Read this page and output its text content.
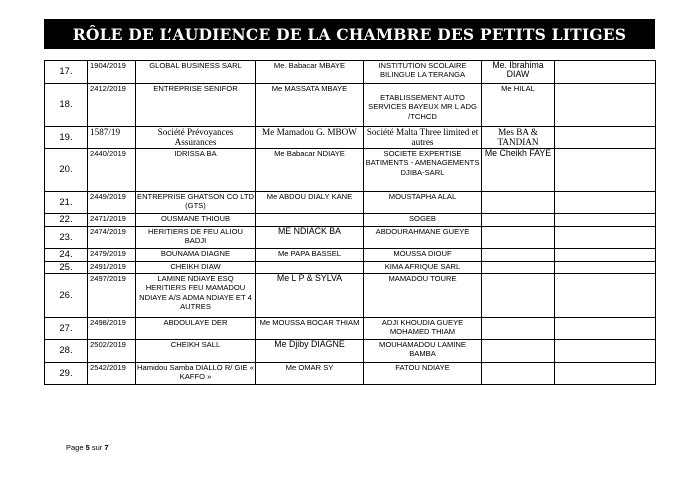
RÔLE DE L’AUDIENCE DE LA CHAMBRE DES PETITS LITIGES
17.	1904/2019	GLOBAL BUSINESS SARL	Me. Babacar MBAYE	INSTITUTION SCOLAIRE BILINGUE LA TERANGA	Me. Ibrahima DIAW	
18.	2412/2019	ENTREPRISE SENIFOR	Me MASSATA MBAYE	ETABLISSEMENT AUTO SERVICES BAYEUX MR L ADG /TCHCD	Me HILAL	
19.	1587/19	Société Prévoyances Assurances	Me Mamadou G. MBOW	Société Malta Three limited et autres	Mes BA & TANDIAN	
20.	2440/2019	IDRISSA BA	Me Babacar NDIAYE	SOCIETE EXPERTISE BATIMENTS - AMENAGEMENTS DJIBA-SARL	Me Cheikh FAYE	
21.	2449/2019	ENTREPRISE GHATSON CO LTD (GTS)	Me ABDOU DIALY KANE	MOUSTAPHA ALAL		
22.	2471/2019	OUSMANE THIOUB		SOGEB		
23.	2474/2019	HERITIERS DE FEU ALIOU BADJI	ME NDIACK BA	ABDOURAHMANE GUEYE		
24.	2479/2019	BOUNAMA DIAGNE	Me PAPA BASSEL	MOUSSA DIOUF		
25.	2491/2019	CHEIKH DIAW		KIMA AFRIQUE SARL		
26.	2497/2019	LAMINE NDIAYE ESQ HERITIERS FEU MAMADOU NDIAYE A/S ADMA NDIAYE ET 4 AUTRES	Me L P & SYLVA	MAMADOU TOURE		
27.	2498/2019	ABDOULAYE DER	Me MOUSSA BOCAR THIAM	ADJI KHOUDIA GUEYE MOHAMED THIAM		
28.	2502/2019	CHEIKH SALL	Me Djiby DIAGNE	MOUHAMADOU LAMINE BAMBA		
29.	2542/2019	Hamidou Samba DIALLO R/ GIE « KAFFO »	Me OMAR SY	FATOU NDIAYE		
Page 5 sur 7
